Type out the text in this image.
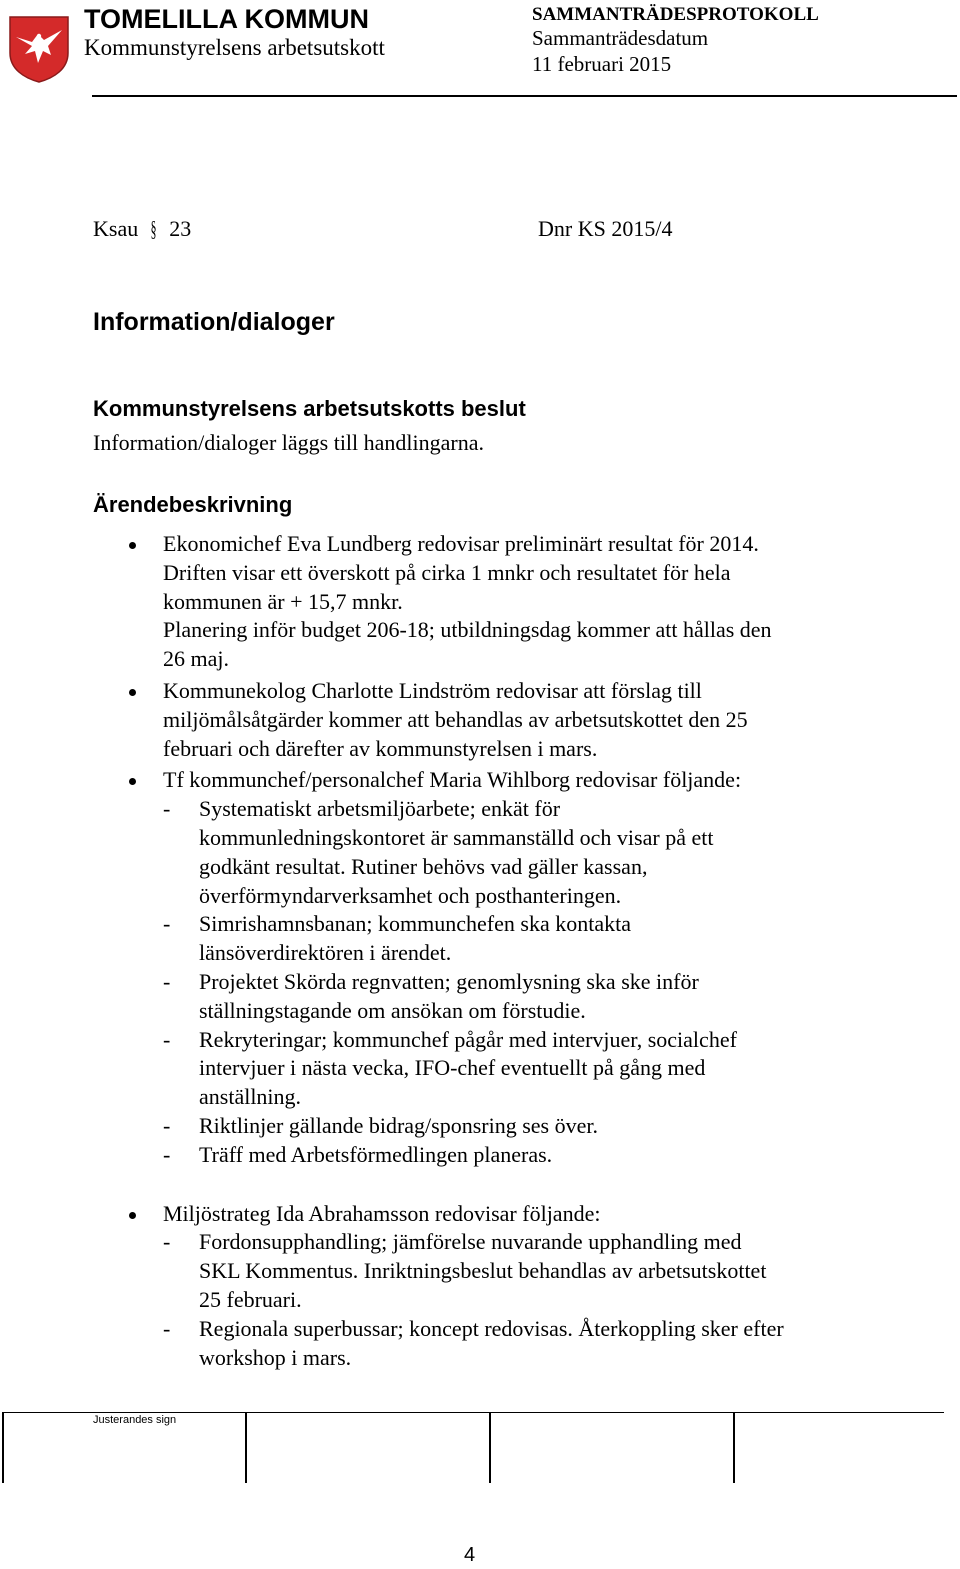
TOMELILLA KOMMUN
Kommunstyrelsens arbetsutskott
SAMMANTRÄDESPROTOKOLL
Sammanträdesdatum
11 februari 2015
Ksau § 23	Dnr KS 2015/4
Information/dialoger
Kommunstyrelsens arbetsutskotts beslut
Information/dialoger läggs till handlingarna.
Ärendebeskrivning
Ekonomichef Eva Lundberg redovisar preliminärt resultat för 2014.
Driften visar ett överskott på cirka 1 mnkr och resultatet för hela
kommunen är + 15,7 mnkr.
Planering inför budget 206-18; utbildningsdag kommer att hållas den
26 maj.
Kommunekolog Charlotte Lindström redovisar att förslag till
miljömålsåtgärder kommer att behandlas av arbetsutskottet den 25
februari och därefter av kommunstyrelsen i mars.
Tf kommunchef/personalchef Maria Wihlborg redovisar följande:
- Systematiskt arbetsmiljöarbete; enkät för
kommunledningskontoret är sammanställd och visar på ett
godkänt resultat. Rutiner behövs vad gäller kassan,
överförmyndarverksamhet och posthanteringen.
- Simrishamnsbanan; kommunchefen ska kontakta
länsöverdirektören i ärendet.
- Projektet Skörda regnvatten; genomlysning ska ske inför
ställningstagande om ansökan om förstudie.
- Rekryteringar; kommunchef pågår med intervjuer, socialchef
intervjuer i nästa vecka, IFO-chef eventuellt på gång med
anställning.
- Riktlinjer gällande bidrag/sponsring ses över.
- Träff med Arbetsförmedlingen planeras.
Miljöstrateg Ida Abrahamsson redovisar följande:
- Fordonsupphandling; jämförelse nuvarande upphandling med
SKL Kommentus. Inriktningsbeslut behandlas av arbetsutskottet
25 februari.
- Regionala superbussar; koncept redovisas. Återkoppling sker efter
workshop i mars.
Justerandes sign
4
